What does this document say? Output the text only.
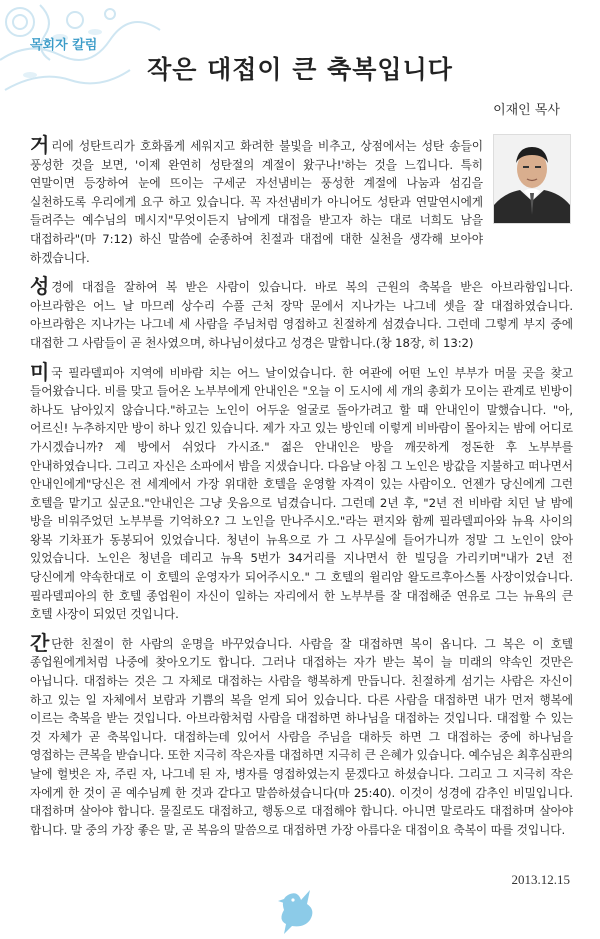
목회자 칼럼
작은 대접이 큰 축복입니다
이재인 목사

거리에 성탄트리가 호화롭게 세워지고 화려한 불빛을 비추고, 상점에서는 성탄 송들이 풍성한 것을 보면, '이제 완연히 성탄절의 계절이 왔구나!'하는 것을 느낍니다. 특히 연말이면 등장하여 눈에 뜨이는 구세군 자선냄비는 풍성한 계절에 나눔과 섬김을 실천하도록 우리에게 요구 하고 있습니다. 꼭 자선냄비가 아니어도 성탄과 연말연시에게 들려주는 예수님의 메시지"무엇이든지 남에게 대접을 받고자 하는 대로 너희도 남을 대접하라"(마 7:12) 하신 말씀에 순종하여 친절과 대접에 대한 실천을 생각해 보아야 하겠습니다.

성경에 대접을 잘하여 복 받은 사람이 있습니다. 바로 복의 근원의 축복을 받은 아브라함입니다. 아브라함은 어느 날 마므레 상수리 수풀 근처 장막 문에서 지나가는 나그네 셋을 잘 대접하였습니다. 아브라함은 지나가는 나그네 세 사람을 주님처럼 영접하고 친절하게 섬겼습니다. 그런데 그렇게 부지 중에 대접한 그 사람들이 곧 천사였으며, 하나님이셨다고 성경은 말합니다.(창 18장, 히 13:2)

미국 필라델피아 지역에 비바람 치는 어느 날이었습니다. 한 여관에 어떤 노인 부부가 머물 곳을 찾고 들어왔습니다. 비를 맞고 들어온 노부부에게 안내인은 "오늘 이 도시에 세 개의 총회가 모이는 관계로 빈방이 하나도 남아있지 않습니다."하고는 노인이 어두운 얼굴로 돌아가려고 할 때 안내인이 말했습니다. "아, 어르신! 누추하지만 방이 하나 있긴 있습니다. 제가 자고 있는 방인데 이렇게 비바람이 몰아치는 밤에 어디로 가시겠습니까? 제 방에서 쉬었다 가시죠." 젊은 안내인은 방을 깨끗하게 정돈한 후 노부부를 안내하였습니다. 그리고 자신은 소파에서 밤을 지샜습니다. 다음날 아침 그 노인은 방값을 지불하고 떠나면서 안내인에게"당신은 전 세계에서 가장 위대한 호텔을 운영할 자격이 있는 사람이오. 언젠가 당신에게 그런 호텔을 맡기고 싶군요."안내인은 그냥 웃음으로 넘겼습니다. 그런데 2년 후, "2년 전 비바람 치던 날 밤에 방을 비워주었던 노부부를 기억하오? 그 노인을 만나주시오."라는 편지와 함께 필라델피아와 뉴욕 사이의 왕복 기차표가 동봉되어 있었습니다. 청년이 뉴욕으로 가 그 사무실에 들어가니까 정말 그 노인이 앉아 있었습니다. 노인은 청년을 데리고 뉴욕 5번가 34거리를 지나면서 한 빌딩을 가리키며"내가 2년 전 당신에게 약속한대로 이 호텔의 운영자가 되어주시오." 그 호텔의 윌리암 왈도르후아스톨 사장이었습니다. 필라델피아의 한 호텔 종업원이 자신이 일하는 자리에서 한 노부부를 잘 대접해준 연유로 그는 뉴욕의 큰 호텔 사장이 되었던 것입니다.

간단한 친절이 한 사람의 운명을 바꾸었습니다. 사람을 잘 대접하면 복이 옵니다. 그 복은 이 호텔 종업원에게처럼 나중에 찾아오기도 합니다. 그러나 대접하는 자가 받는 복이 늘 미래의 약속인 것만은 아닙니다. 대접하는 것은 그 자체로 대접하는 사람을 행복하게 만듭니다. 친절하게 섬기는 사람은 자신이 하고 있는 일 자체에서 보람과 기쁨의 복을 얻게 되어 있습니다. 다른 사람을 대접하면 내가 먼저 행복에 이르는 축복을 받는 것입니다. 아브라함처럼 사람을 대접하면 하나님을 대접하는 것입니다. 대접할 수 있는 것 자체가 곧 축복입니다. 대접하는데 있어서 사람을 주님을 대하듯 하면 그 대접하는 중에 하나님을 영접하는 큰복을 받습니다. 또한 지극히 작은자를 대접하면 지극히 큰 은혜가 있습니다. 예수님은 최후심판의 날에 헐벗은 자, 주린 자, 나그네 된 자, 병자를 영접하였는지 묻겠다고 하셨습니다. 그리고 그 지극히 작은 자에게 한 것이 곧 예수님께 한 것과 같다고 말씀하셨습니다(마 25:40). 이것이 성경에 감추인 비밀입니다. 대접하며 살아야 합니다. 물질로도 대접하고, 행동으로 대접해야 합니다. 아니면 말로라도 대접하며 살아야 합니다. 말 중의 가장 좋은 말, 곧 복음의 말씀으로 대접하면 가장 아름다운 대접이요 축복이 따를 것입니다.

2013.12.15
